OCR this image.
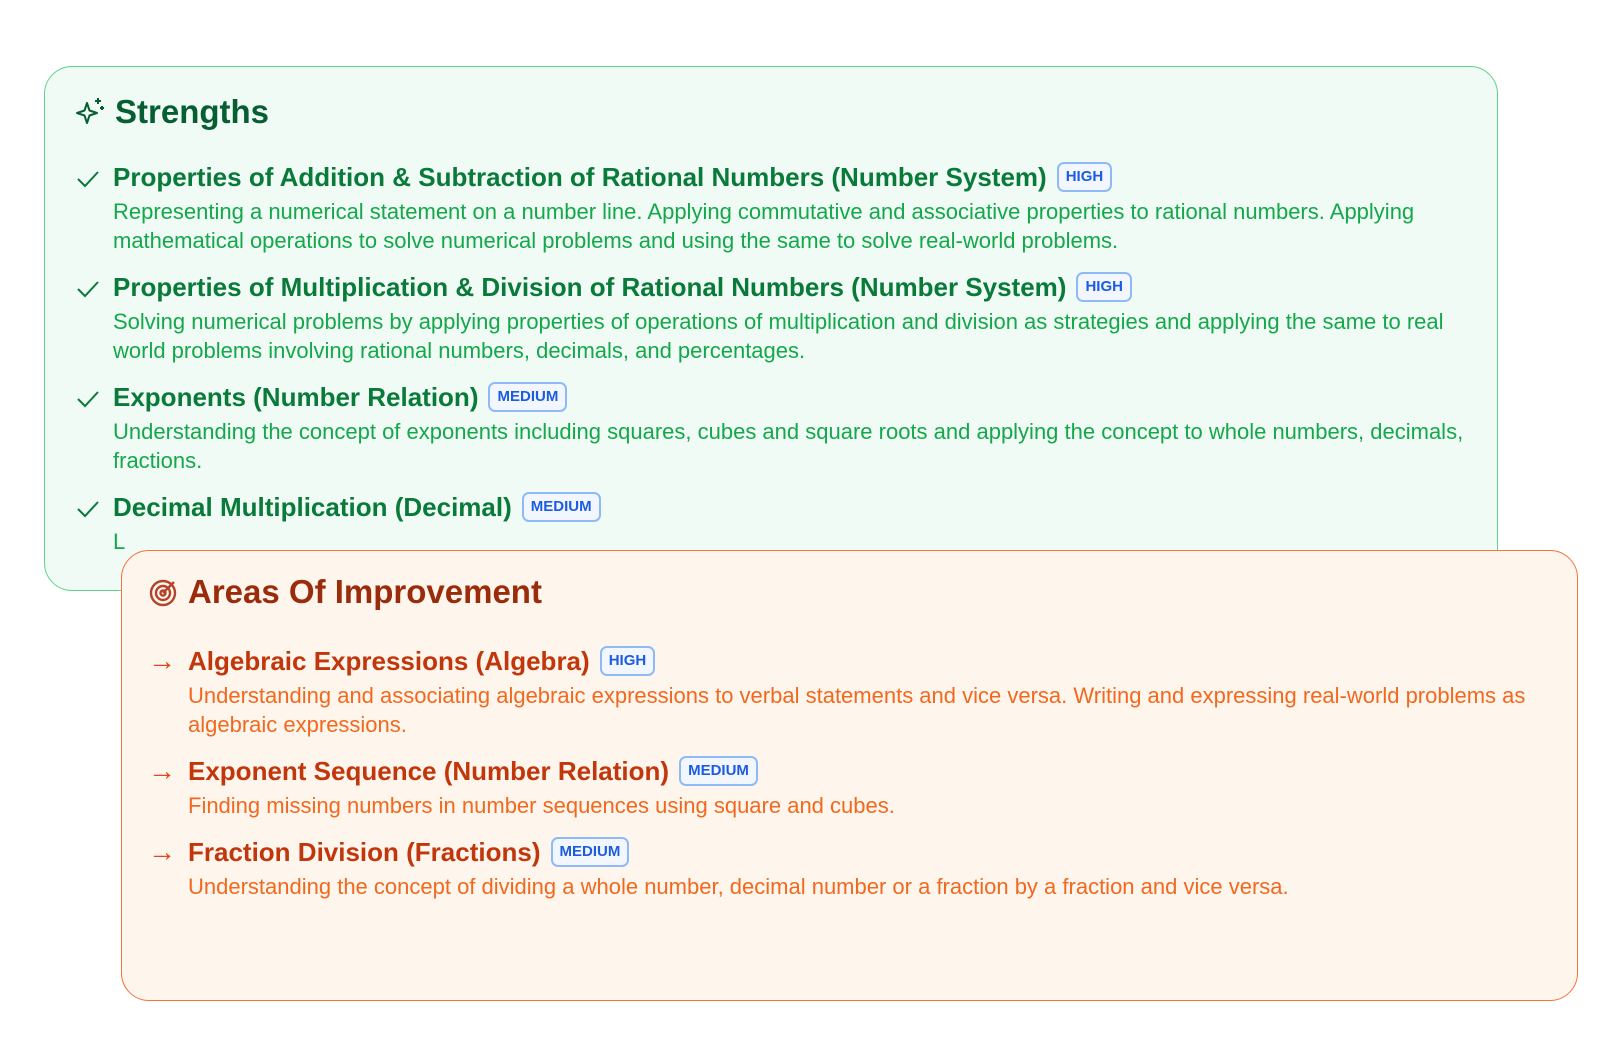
Strengths
Properties of Addition & Subtraction of Rational Numbers (Number System)	HIGH
Representing a numerical statement on a number line. Applying commutative and associative properties to rational numbers. Applying mathematical operations to solve numerical problems and using the same to solve real-world problems.
Properties of Multiplication & Division of Rational Numbers (Number System)	HIGH
Solving numerical problems by applying properties of operations of multiplication and division as strategies and applying the same to real world problems involving rational numbers, decimals, and percentages.
Exponents (Number Relation)	MEDIUM
Understanding the concept of exponents including squares, cubes and square roots and applying the concept to whole numbers, decimals, fractions.
Decimal Multiplication (Decimal)	MEDIUM
L
Areas Of Improvement
→ Algebraic Expressions (Algebra)	HIGH
Understanding and associating algebraic expressions to verbal statements and vice versa. Writing and expressing real-world problems as algebraic expressions.
→ Exponent Sequence (Number Relation)	MEDIUM
Finding missing numbers in number sequences using square and cubes.
→ Fraction Division (Fractions)	MEDIUM
Understanding the concept of dividing a whole number, decimal number or a fraction by a fraction and vice versa.
